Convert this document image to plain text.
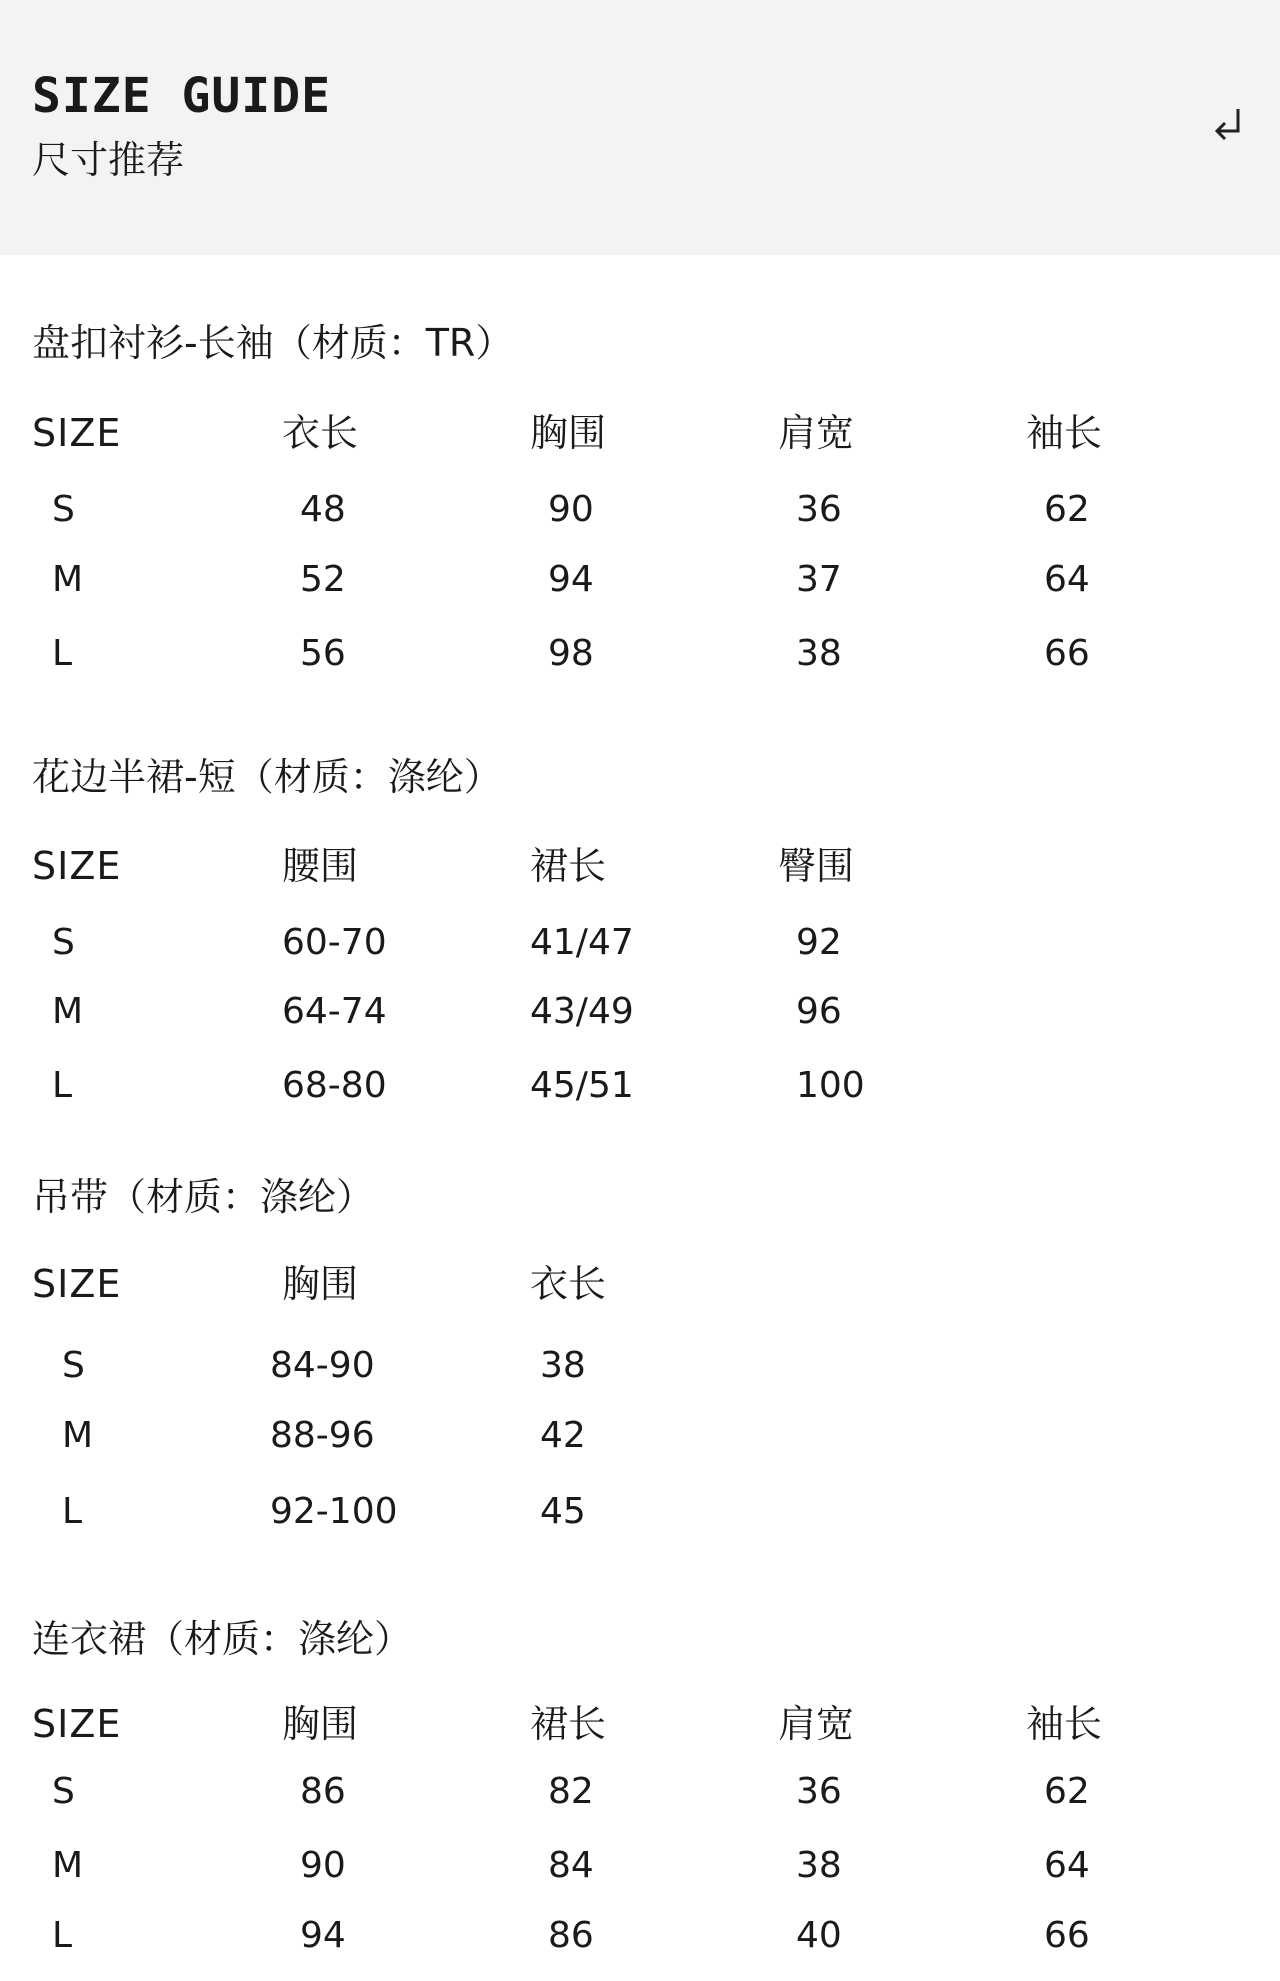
SIZE GUIDE
尺寸推荐
盘扣衬衫-长袖（材质：TR）
SIZE	衣长	胸围	肩宽	袖长
S	48	90	36	62
M	52	94	37	64
L	56	98	38	66
花边半裙-短（材质：涤纶）
SIZE	腰围	裙长	臀围
S	60-70	41/47	92
M	64-74	43/49	96
L	68-80	45/51	100
吊带（材质：涤纶）
SIZE	胸围	衣长
S	84-90	38
M	88-96	42
L	92-100	45
连衣裙（材质：涤纶）
SIZE	胸围	裙长	肩宽	袖长
S	86	82	36	62
M	90	84	38	64
L	94	86	40	66
